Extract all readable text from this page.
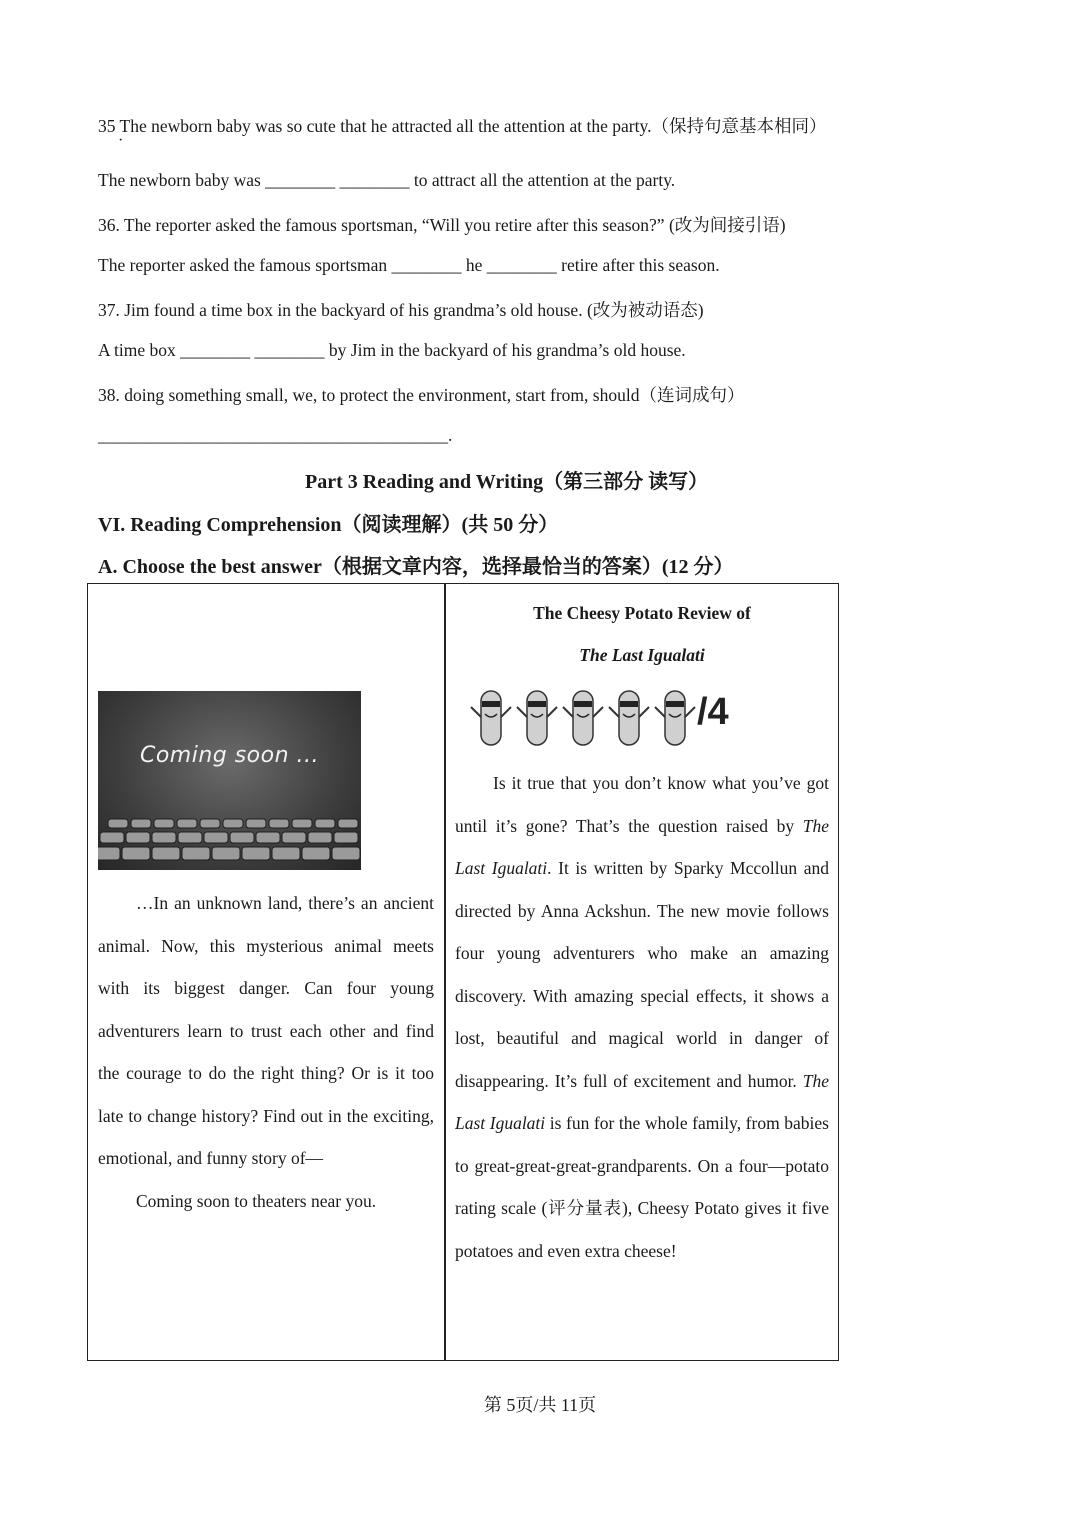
35 The newborn baby was so cute that he attracted all the attention at the party.（保持句意基本相同）
·
The newborn baby was ________ ________ to attract all the attention at the party.
36. The reporter asked the famous sportsman, “Will you retire after this season?” (改为间接引语)
The reporter asked the famous sportsman ________ he ________ retire after this season.
37. Jim found a time box in the backyard of his grandma’s old house. (改为被动语态)
A time box ________ ________ by Jim in the backyard of his grandma’s old house.
38. doing something small, we, to protect the environment, start from, should（连词成句）
________________________________________.
Part 3 Reading and Writing（第三部分 读写）
VI. Reading Comprehension（阅读理解）(共 50 分）
A. Choose the best answer（根据文章内容，选择最恰当的答案）(12 分）
Coming soon ...

…In an unknown land, there’s an ancient animal. Now, this mysterious animal meets with its biggest danger. Can four young adventurers learn to trust each other and find the courage to do the right thing? Or is it too late to change history? Find out in the exciting, emotional, and funny story of—

Coming soon to theaters near you.

The Cheesy Potato Review of
The Last Igualati
/4

Is it true that you don’t know what you’ve got until it’s gone? That’s the question raised by The Last Igualati. It is written by Sparky Mccollun and directed by Anna Ackshun. The new movie follows four young adventurers who make an amazing discovery. With amazing special effects, it shows a lost, beautiful and magical world in danger of disappearing. It’s full of excitement and humor. The Last Igualati is fun for the whole family, from babies to great-great-great-grandparents. On a four—potato rating scale (评分量表), Cheesy Potato gives it five potatoes and even extra cheese!

第 5页/共 11页
